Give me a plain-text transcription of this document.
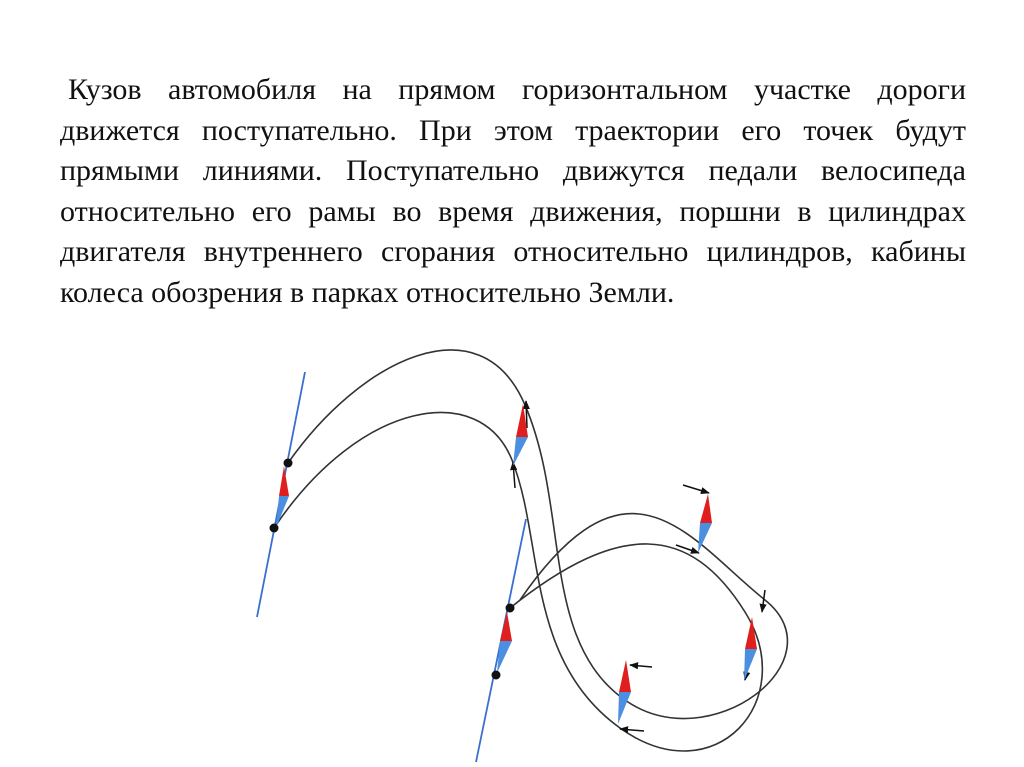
Кузов автомобиля на прямом горизонтальном участке дороги движется поступательно. При этом траектории его точек будут прямыми линиями. Поступательно движутся педали велосипеда относительно его рамы во время движения, поршни в цилиндрах двигателя внутреннего сгорания относительно цилиндров, кабины колеса обозрения в парках относительно Земли.
